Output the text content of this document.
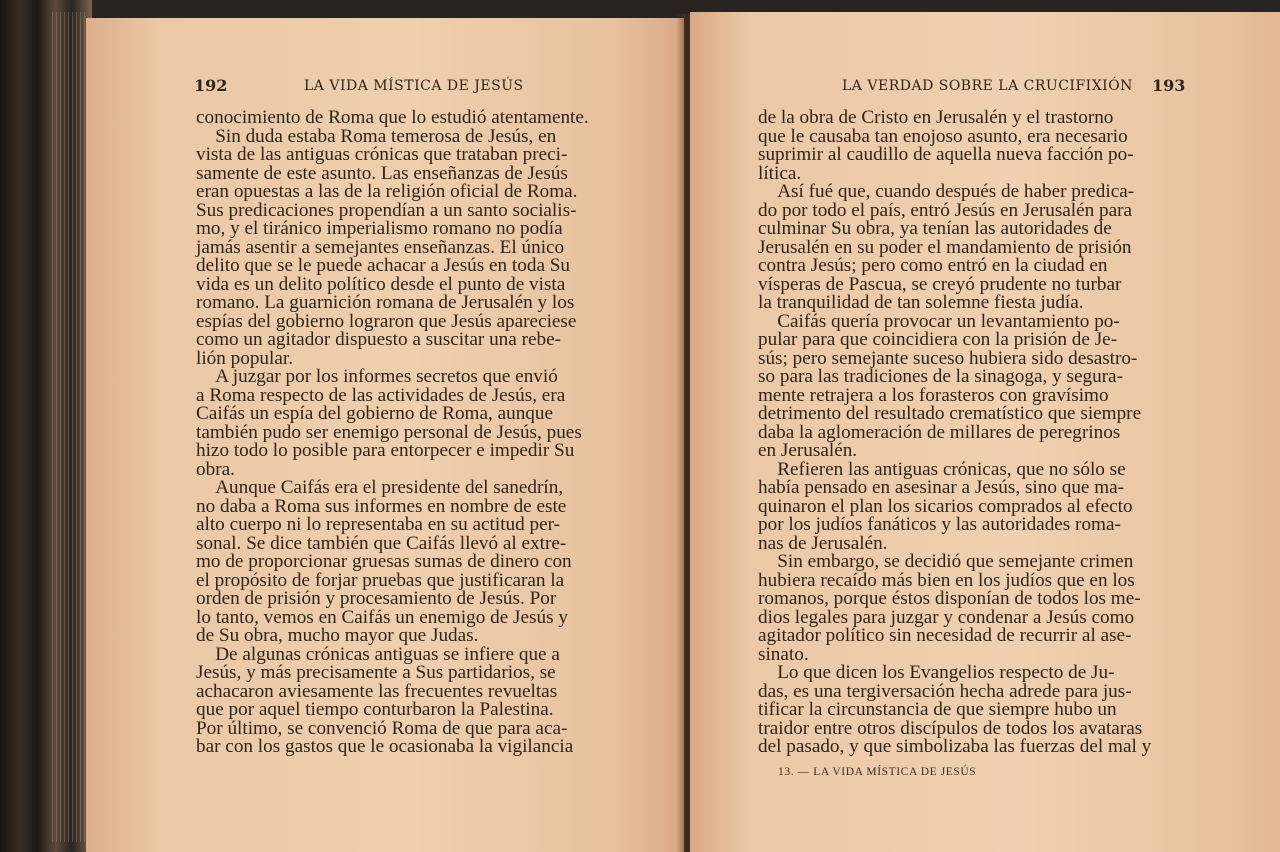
192	LA VIDA MÍSTICA DE JESÚS
conocimiento de Roma que lo estudió atentamente.
Sin duda estaba Roma temerosa de Jesús, en
vista de las antiguas crónicas que trataban preci-
samente de este asunto. Las enseñanzas de Jesús
eran opuestas a las de la religión oficial de Roma.
Sus predicaciones propendían a un santo socialis-
mo, y el tiránico imperialismo romano no podía
jamás asentir a semejantes enseñanzas. El único
delito que se le puede achacar a Jesús en toda Su
vida es un delito político desde el punto de vista
romano. La guarnición romana de Jerusalén y los
espías del gobierno lograron que Jesús apareciese
como un agitador dispuesto a suscitar una rebe-
lión popular.
A juzgar por los informes secretos que envió
a Roma respecto de las actividades de Jesús, era
Caifás un espía del gobierno de Roma, aunque
también pudo ser enemigo personal de Jesús, pues
hizo todo lo posible para entorpecer e impedir Su
obra.
Aunque Caifás era el presidente del sanedrín,
no daba a Roma sus informes en nombre de este
alto cuerpo ni lo representaba en su actitud per-
sonal. Se dice también que Caifás llevó al extre-
mo de proporcionar gruesas sumas de dinero con
el propósito de forjar pruebas que justificaran la
orden de prisión y procesamiento de Jesús. Por
lo tanto, vemos en Caifás un enemigo de Jesús y
de Su obra, mucho mayor que Judas.
De algunas crónicas antiguas se infiere que a
Jesús, y más precisamente a Sus partidarios, se
achacaron aviesamente las frecuentes revueltas
que por aquel tiempo conturbaron la Palestina.
Por último, se convenció Roma de que para aca-
bar con los gastos que le ocasionaba la vigilancia
LA VERDAD SOBRE LA CRUCIFIXIÓN 193
de la obra de Cristo en Jerusalén y el trastorno
que le causaba tan enojoso asunto, era necesario
suprimir al caudillo de aquella nueva facción po-
lítica.
Así fué que, cuando después de haber predica-
do por todo el país, entró Jesús en Jerusalén para
culminar Su obra, ya tenían las autoridades de
Jerusalén en su poder el mandamiento de prisión
contra Jesús; pero como entró en la ciudad en
vísperas de Pascua, se creyó prudente no turbar
la tranquilidad de tan solemne fiesta judía.
Caifás quería provocar un levantamiento po-
pular para que coincidiera con la prisión de Je-
sús; pero semejante suceso hubiera sido desastro-
so para las tradiciones de la sinagoga, y segura-
mente retrajera a los forasteros con gravísimo
detrimento del resultado crematístico que siempre
daba la aglomeración de millares de peregrinos
en Jerusalén.
Refieren las antiguas crónicas, que no sólo se
había pensado en asesinar a Jesús, sino que ma-
quinaron el plan los sicarios comprados al efecto
por los judíos fanáticos y las autoridades roma-
nas de Jerusalén.
Sin embargo, se decidió que semejante crimen
hubiera recaído más bien en los judíos que en los
romanos, porque éstos disponían de todos los me-
dios legales para juzgar y condenar a Jesús como
agitador político sin necesidad de recurrir al ase-
sinato.
Lo que dicen los Evangelios respecto de Ju-
das, es una tergiversación hecha adrede para jus-
tificar la circunstancia de que siempre hubo un
traidor entre otros discípulos de todos los avataras
del pasado, y que simbolizaba las fuerzas del mal y
13. — LA VIDA MÍSTICA DE JESÚS
